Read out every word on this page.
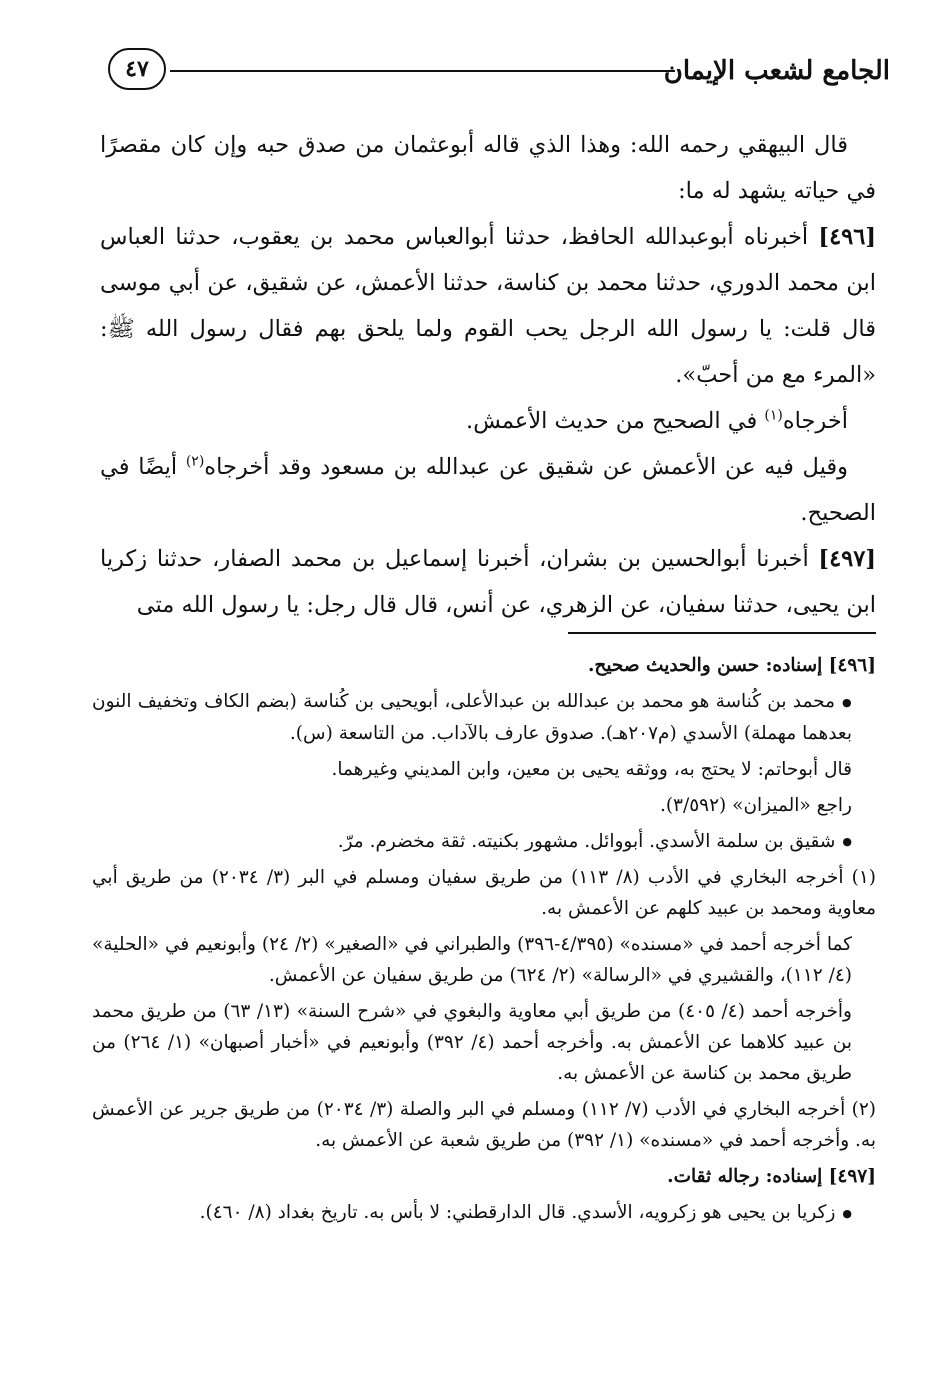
الجامع لشعب الإيمان
٤٧

قال البيهقي رحمه الله: وهذا الذي قاله أبوعثمان من صدق حبه وإن كان مقصرًا في حياته يشهد له ما:

[٤٩٦] أخبرناه أبوعبدالله الحافظ، حدثنا أبوالعباس محمد بن يعقوب، حدثنا العباس ابن محمد الدوري، حدثنا محمد بن كناسة، حدثنا الأعمش، عن شقيق، عن أبي موسى قال قلت: يا رسول الله الرجل يحب القوم ولما يلحق بهم فقال رسول الله ﷺ: «المرء مع من أحبّ».

أخرجاه$^{(١)}$ في الصحيح من حديث الأعمش.

وقيل فيه عن الأعمش عن شقيق عن عبدالله بن مسعود وقد أخرجاه$^{(٢)}$ أيضًا في الصحيح.

[٤٩٧] أخبرنا أبوالحسين بن بشران، أخبرنا إسماعيل بن محمد الصفار، حدثنا زكريا ابن يحيى، حدثنا سفيان، عن الزهري، عن أنس، قال قال رجل: يا رسول الله متى

[٤٩٦] إسناده: حسن والحديث صحيح.

● محمد بن كُناسة هو محمد بن عبدالله بن عبدالأعلى، أبويحيى بن كُناسة (بضم الكاف وتخفيف النون بعدهما مهملة) الأسدي (م٢٠٧هـ). صدوق عارف بالآداب. من التاسعة (س).

قال أبوحاتم: لا يحتج به، ووثقه يحيى بن معين، وابن المديني وغيرهما.

راجع «الميزان» (٣/٥٩٢).

● شقيق بن سلمة الأسدي. أبووائل. مشهور بكنيته. ثقة مخضرم. مرّ.

(١) أخرجه البخاري في الأدب (٨/ ١١٣) من طريق سفيان ومسلم في البر (٣/ ٢٠٣٤) من طريق أبي معاوية ومحمد بن عبيد كلهم عن الأعمش به.

كما أخرجه أحمد في «مسنده» (٤/٣٩٥-٣٩٦) والطبراني في «الصغير» (٢/ ٢٤) وأبونعيم في «الحلية» (٤/ ١١٢)، والقشيري في «الرسالة» (٢/ ٦٢٤) من طريق سفيان عن الأعمش.

وأخرجه أحمد (٤/ ٤٠٥) من طريق أبي معاوية والبغوي في «شرح السنة» (١٣/ ٦٣) من طريق محمد بن عبيد كلاهما عن الأعمش به. وأخرجه أحمد (٤/ ٣٩٢) وأبونعيم في «أخبار أصبهان» (١/ ٢٦٤) من طريق محمد بن كناسة عن الأعمش به.

(٢) أخرجه البخاري في الأدب (٧/ ١١٢) ومسلم في البر والصلة (٣/ ٢٠٣٤) من طريق جرير عن الأعمش به. وأخرجه أحمد في «مسنده» (١/ ٣٩٢) من طريق شعبة عن الأعمش به.

[٤٩٧] إسناده: رجاله ثقات.

● زكريا بن يحيى هو زكرويه، الأسدي. قال الدارقطني: لا بأس به. تاريخ بغداد (٨/ ٤٦٠).
